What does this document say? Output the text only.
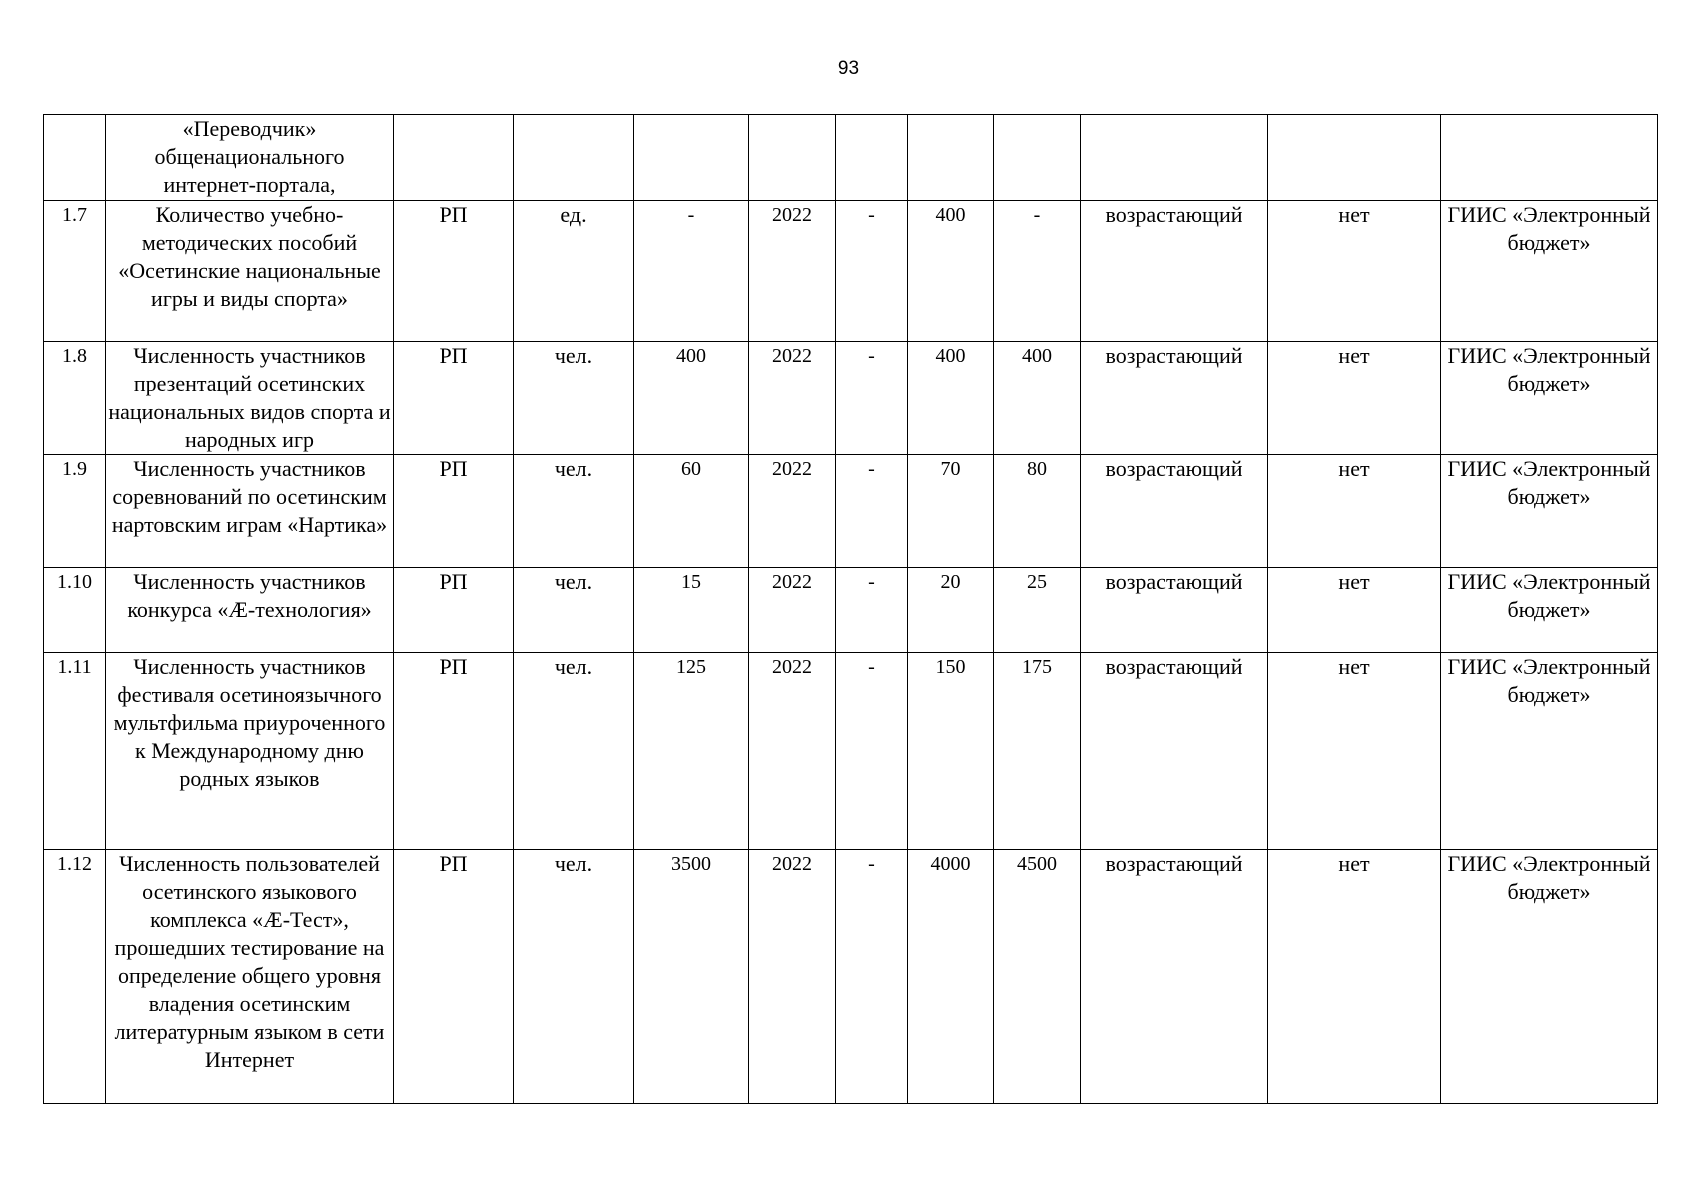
93
	«Переводчик» общенационального интернет-портала,										
1.7	Количество учебно-методических пособий «Осетинские национальные игры и виды спорта»	РП	ед.	-	2022	-	400	-	возрастающий	нет	ГИИС «Электронный бюджет»
1.8	Численность участников презентаций осетинских национальных видов спорта и народных игр	РП	чел.	400	2022	-	400	400	возрастающий	нет	ГИИС «Электронный бюджет»
1.9	Численность участников соревнований по осетинским нартовским играм «Нартика»	РП	чел.	60	2022	-	70	80	возрастающий	нет	ГИИС «Электронный бюджет»
1.10	Численность участников конкурса «Æ-технология»	РП	чел.	15	2022	-	20	25	возрастающий	нет	ГИИС «Электронный бюджет»
1.11	Численность участников фестиваля осетиноязычного мультфильма приуроченного к Международному дню родных языков	РП	чел.	125	2022	-	150	175	возрастающий	нет	ГИИС «Электронный бюджет»
1.12	Численность пользователей осетинского языкового комплекса «Æ-Тест», прошедших тестирование на определение общего уровня владения осетинским литературным языком в сети Интернет	РП	чел.	3500	2022	-	4000	4500	возрастающий	нет	ГИИС «Электронный бюджет»
